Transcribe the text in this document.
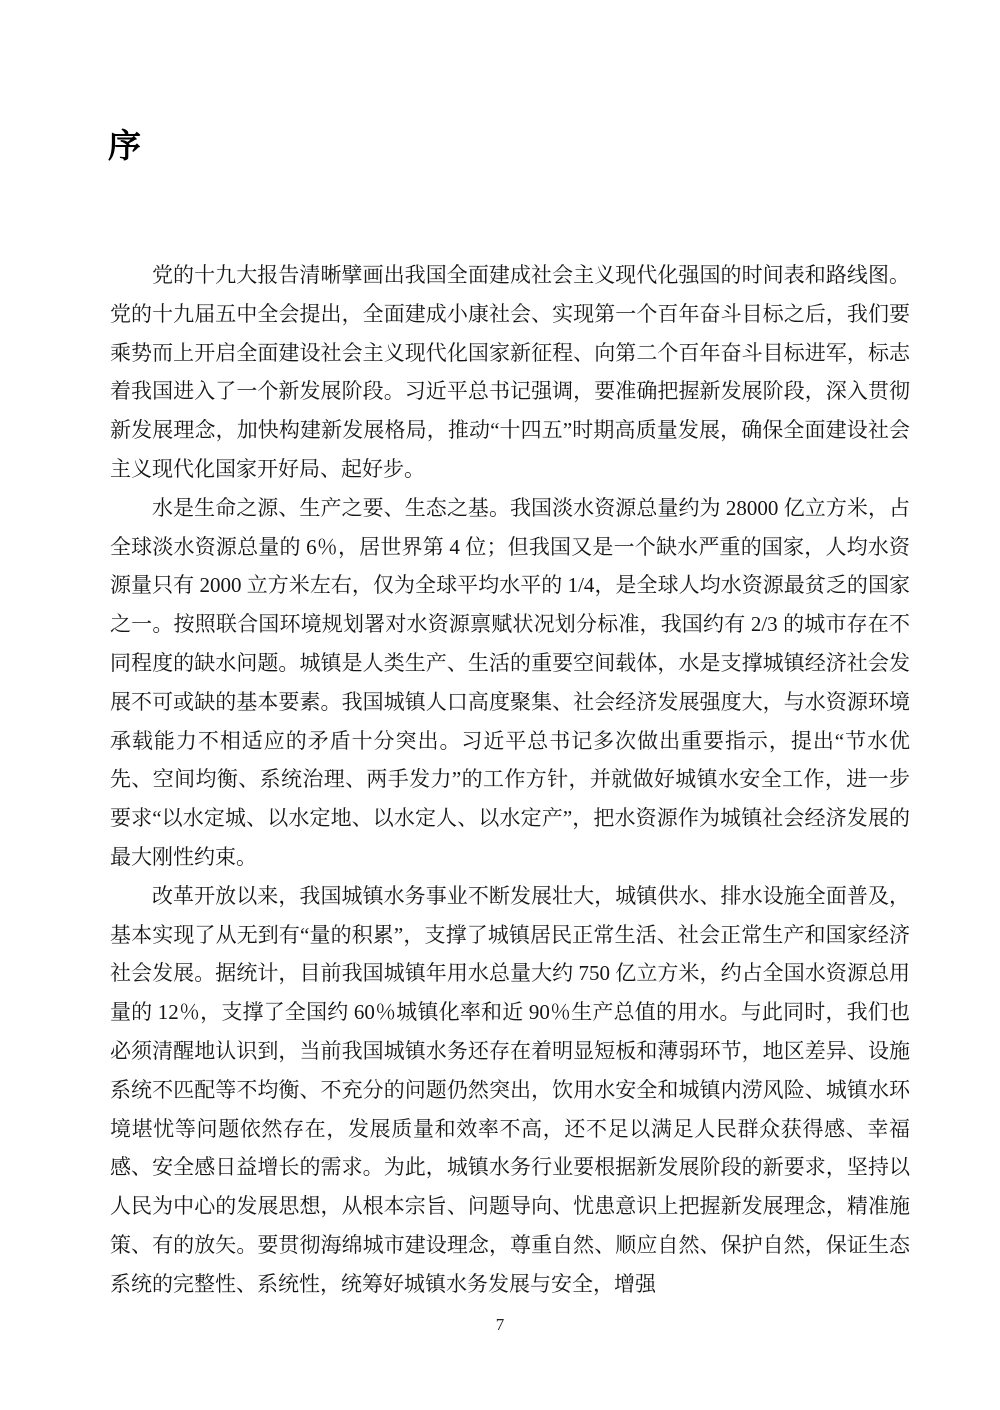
序

党的十九大报告清晰擘画出我国全面建成社会主义现代化强国的时间表和路线图。党的十九届五中全会提出，全面建成小康社会、实现第一个百年奋斗目标之后，我们要乘势而上开启全面建设社会主义现代化国家新征程、向第二个百年奋斗目标进军，标志着我国进入了一个新发展阶段。习近平总书记强调，要准确把握新发展阶段，深入贯彻新发展理念，加快构建新发展格局，推动“十四五”时期高质量发展，确保全面建设社会主义现代化国家开好局、起好步。

水是生命之源、生产之要、生态之基。我国淡水资源总量约为 28000 亿立方米，占全球淡水资源总量的 6％，居世界第 4 位；但我国又是一个缺水严重的国家，人均水资源量只有 2000 立方米左右，仅为全球平均水平的 1/4，是全球人均水资源最贫乏的国家之一。按照联合国环境规划署对水资源禀赋状况划分标准，我国约有 2/3 的城市存在不同程度的缺水问题。城镇是人类生产、生活的重要空间载体，水是支撑城镇经济社会发展不可或缺的基本要素。我国城镇人口高度聚集、社会经济发展强度大，与水资源环境承载能力不相适应的矛盾十分突出。习近平总书记多次做出重要指示，提出“节水优先、空间均衡、系统治理、两手发力”的工作方针，并就做好城镇水安全工作，进一步要求“以水定城、以水定地、以水定人、以水定产”，把水资源作为城镇社会经济发展的最大刚性约束。

改革开放以来，我国城镇水务事业不断发展壮大，城镇供水、排水设施全面普及，基本实现了从无到有“量的积累”，支撑了城镇居民正常生活、社会正常生产和国家经济社会发展。据统计，目前我国城镇年用水总量大约 750 亿立方米，约占全国水资源总用量的 12％，支撑了全国约 60％城镇化率和近 90％生产总值的用水。与此同时，我们也必须清醒地认识到，当前我国城镇水务还存在着明显短板和薄弱环节，地区差异、设施系统不匹配等不均衡、不充分的问题仍然突出，饮用水安全和城镇内涝风险、城镇水环境堪忧等问题依然存在，发展质量和效率不高，还不足以满足人民群众获得感、幸福感、安全感日益增长的需求。为此，城镇水务行业要根据新发展阶段的新要求，坚持以人民为中心的发展思想，从根本宗旨、问题导向、忧患意识上把握新发展理念，精准施策、有的放矢。要贯彻海绵城市建设理念，尊重自然、顺应自然、保护自然，保证生态系统的完整性、系统性，统筹好城镇水务发展与安全，增强

7
